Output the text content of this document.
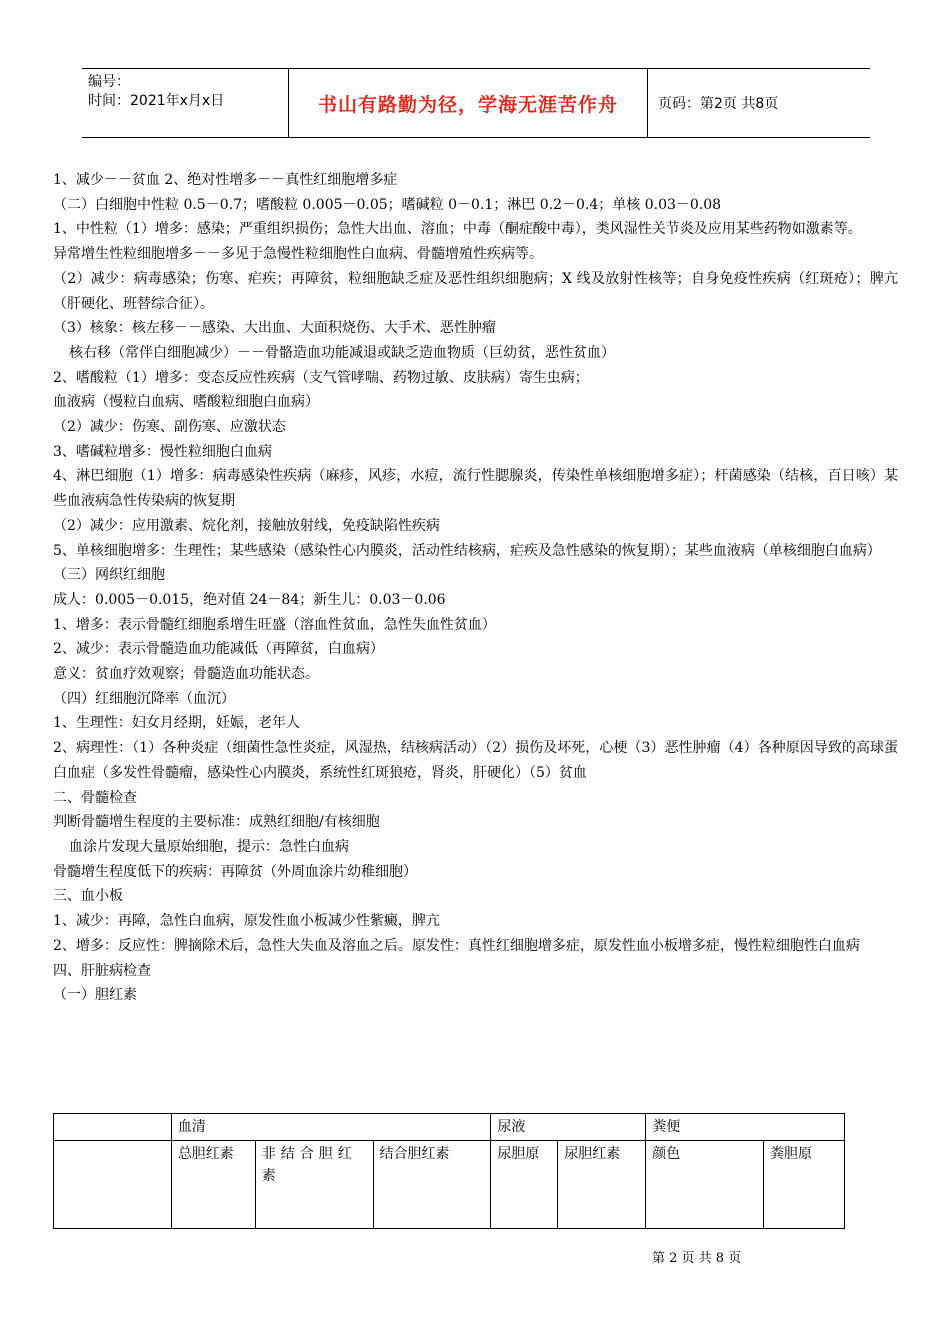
编号：
时间：2021年x月x日	书山有路勤为径，学海无涯苦作舟	页码：第2页 共8页

1、减少－－贫血 2、绝对性增多－－真性红细胞增多症

（二）白细胞中性粒 0.5－0.7；嗜酸粒 0.005－0.05；嗜碱粒 0－0.1；淋巴 0.2－0.4；单核 0.03－0.08

1、中性粒（1）增多：感染；严重组织损伤；急性大出血、溶血；中毒（酮症酸中毒），类风湿性关节炎及应用某些药物如激素等。

异常增生性粒细胞增多－－多见于急慢性粒细胞性白血病、骨髓增殖性疾病等。

（2）减少：病毒感染；伤寒、疟疾；再障贫，粒细胞缺乏症及恶性组织细胞病；X 线及放射性核等；自身免疫性疾病（红斑疮）；脾亢（肝硬化、班替综合征）。

（3）核象：核左移－－感染、大出血、大面积烧伤、大手术、恶性肿瘤

核右移（常伴白细胞减少）－－骨骼造血功能减退或缺乏造血物质（巨幼贫，恶性贫血）

2、嗜酸粒（1）增多：变态反应性疾病（支气管哮喘、药物过敏、皮肤病）寄生虫病；

血液病（慢粒白血病、嗜酸粒细胞白血病）

（2）减少：伤寒、副伤寒、应激状态

3、嗜碱粒增多：慢性粒细胞白血病

4、淋巴细胞（1）增多：病毒感染性疾病（麻疹，风疹，水痘，流行性腮腺炎，传染性单核细胞增多症）；杆菌感染（结核，百日咳）某些血液病急性传染病的恢复期

（2）减少：应用激素、烷化剂，接触放射线，免疫缺陷性疾病

5、单核细胞增多：生理性；某些感染（感染性心内膜炎，活动性结核病，疟疾及急性感染的恢复期）；某些血液病（单核细胞白血病）

（三）网织红细胞

成人：0.005－0.015，绝对值 24－84；新生儿：0.03－0.06

1、增多：表示骨髓红细胞系增生旺盛（溶血性贫血，急性失血性贫血）

2、减少：表示骨髓造血功能减低（再障贫，白血病）

意义：贫血疗效观察；骨髓造血功能状态。

（四）红细胞沉降率（血沉）

1、生理性：妇女月经期，妊娠，老年人

2、病理性：（1）各种炎症（细菌性急性炎症，风湿热，结核病活动）（2）损伤及坏死，心梗（3）恶性肿瘤（4）各种原因导致的高球蛋白血症（多发性骨髓瘤，感染性心内膜炎，系统性红斑狼疮，肾炎，肝硬化）（5）贫血

二、骨髓检查

判断骨髓增生程度的主要标准：成熟红细胞/有核细胞

血涂片发现大量原始细胞，提示：急性白血病

骨髓增生程度低下的疾病：再障贫（外周血涂片幼稚细胞）

三、血小板

1、减少：再障，急性白血病，原发性血小板减少性紫癜，脾亢

2、增多：反应性：脾摘除术后，急性大失血及溶血之后。原发性：真性红细胞增多症，原发性血小板增多症，慢性粒细胞性白血病

四、肝脏病检查

（一）胆红素

	血清			尿液		粪便	
	总胆红素	非结合胆红素	结合胆红素	尿胆原	尿胆红素	颜色	粪胆原
第 2 页 共 8 页
